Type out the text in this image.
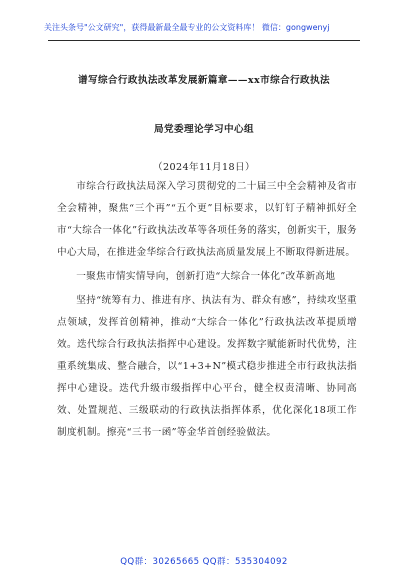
关注头条号"公文研究"，获得最新最全最专业的公文资料库！ 微信：gongwenyj
谱写综合行政执法改革发展新篇章——xx市综合行政执法
局党委理论学习中心组
（2024年11月18日）

市综合行政执法局深入学习贯彻党的二十届三中全会精神及省市全会精神，聚焦“三个再”“五个更”目标要求，以钉钉子精神抓好全市“大综合一体化”行政执法改革等各项任务的落实，创新实干，服务中心大局，在推进金华综合行政执法高质量发展上不断取得新进展。

一聚焦市情实情导向，创新打造“大综合一体化”改革新高地

坚持“统筹有力、推进有序、执法有为、群众有感”，持续攻坚重点领域，发挥首创精神，推动“大综合一体化”行政执法改革提质增效。迭代综合行政执法指挥中心建设。发挥数字赋能新时代优势，注重系统集成、整合融合，以“1+3+N”模式稳步推进全市行政执法指挥中心建设。迭代升级市级指挥中心平台，健全权责清晰、协同高效、处置规范、三级联动的行政执法指挥体系，优化深化18项工作制度机制。擦亮“三书一函”等金华首创经验做法。

QQ群：30265665 QQ群：535304092
